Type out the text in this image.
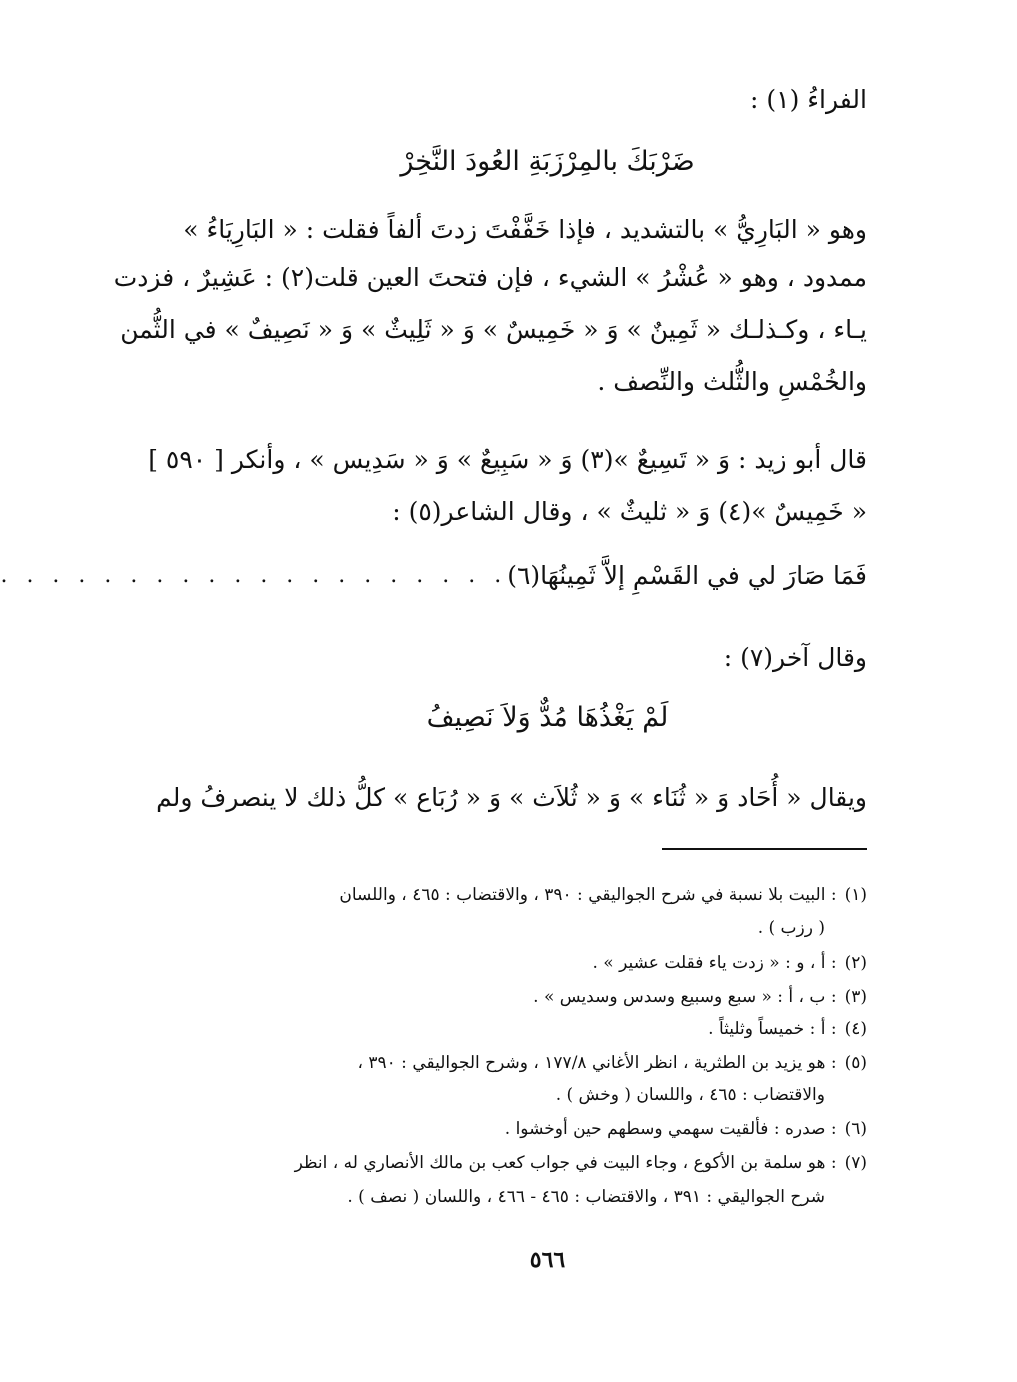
الفراءُ (١) :

ضَرْبَكَ بالمِرْزَبَةِ العُودَ النَّخِرْ

وهو « البَارِيُّ » بالتشديد ، فإذا خَفَّفْتَ زدتَ ألفاً فقلت : « البَارِيَاءُ »

ممدود ، وهو « عُشْرُ » الشيء ، فإن فتحتَ العين قلت(٢) : عَشِيرٌ ، فزدت

يـاء ، وكـذلـك « ثَمِينٌ » وَ « خَمِيسٌ » وَ « ثَلِيثٌ » وَ « نَصِيفٌ » في الثُّمن

والخُمْسِ والثُّلث والنِّصف .

قال أبو زيد : وَ « تَسِيعٌ »(٣) وَ « سَبِيعٌ » وَ « سَدِيس » ، وأنكر [ ٥٩٠ ]

« خَمِيسٌ »(٤) وَ « ثليثٌ » ، وقال الشاعر(٥) :

فَمَا صَارَ لي في القَسْمِ إلاَّ ثَمِينُهَا(٦)
. . . . . . . . . . . . . . . . . . . .

وقال آخر(٧) :

لَمْ يَغْذُهَا مُدٌّ وَلاَ نَصِيفُ

ويقال « أُحَاد وَ « ثُنَاء » وَ « ثُلاَث » وَ « رُبَاع » كلُّ ذلك لا ينصرفُ ولم

(١): البيت بلا نسبة في شرح الجواليقي : ٣٩٠ ، والاقتضاب : ٤٦٥ ، واللسان

( رزب ) .

(٢): أ ، و : « زدت ياء فقلت عشير » .

(٣): ب ، أ : « سبع وسبيع وسدس وسديس » .

(٤): أ : خميساً وثليثاً .

(٥): هو يزيد بن الطثرية ، انظر الأغاني ١٧٧/٨ ، وشرح الجواليقي : ٣٩٠ ،

والاقتضاب : ٤٦٥ ، واللسان ( وخش ) .

(٦): صدره : فألقيت سهمي وسطهم حين أوخشوا .

(٧): هو سلمة بن الأكوع ، وجاء البيت في جواب كعب بن مالك الأنصاري له ، انظر

شرح الجواليقي : ٣٩١ ، والاقتضاب : ٤٦٥ - ٤٦٦ ، واللسان ( نصف ) .

٥٦٦
